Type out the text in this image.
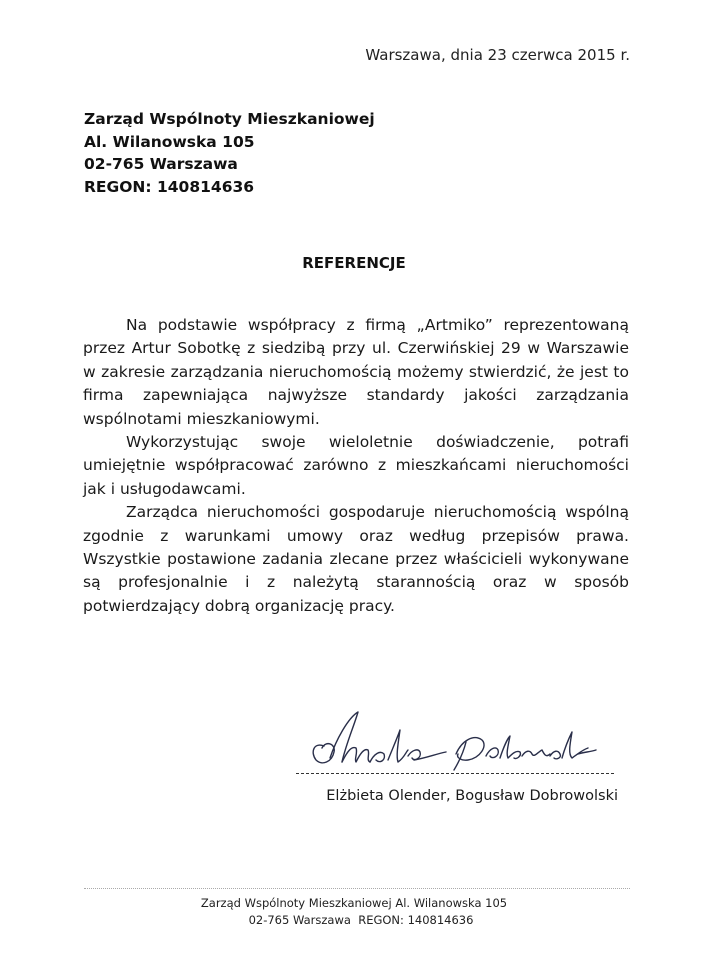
Warszawa, dnia 23 czerwca 2015 r.
Zarząd Wspólnoty Mieszkaniowej
Al. Wilanowska 105
02-765 Warszawa
REGON: 140814636
REFERENCJE

Na podstawie współpracy z firmą „Artmiko” reprezentowaną przez Artur Sobotkę z siedzibą przy ul. Czerwińskiej 29 w Warszawie w zakresie zarządzania nieruchomością możemy stwierdzić, że jest to firma zapewniająca najwyższe standardy jakości zarządzania wspólnotami mieszkaniowymi.

Wykorzystując swoje wieloletnie doświadczenie, potrafi umiejętnie współpracować zarówno z mieszkańcami nieruchomości jak i usługodawcami.

Zarządca nieruchomości gospodaruje nieruchomością wspólną zgodnie z warunkami umowy oraz według przepisów prawa. Wszystkie postawione zadania zlecane przez właścicieli wykonywane są profesjonalnie i z należytą starannością oraz w sposób potwierdzający dobrą organizację pracy.

Elżbieta Olender, Bogusław Dobrowolski
Zarząd Wspólnoty Mieszkaniowej Al. Wilanowska 105
02-765 Warszawa  REGON: 140814636
